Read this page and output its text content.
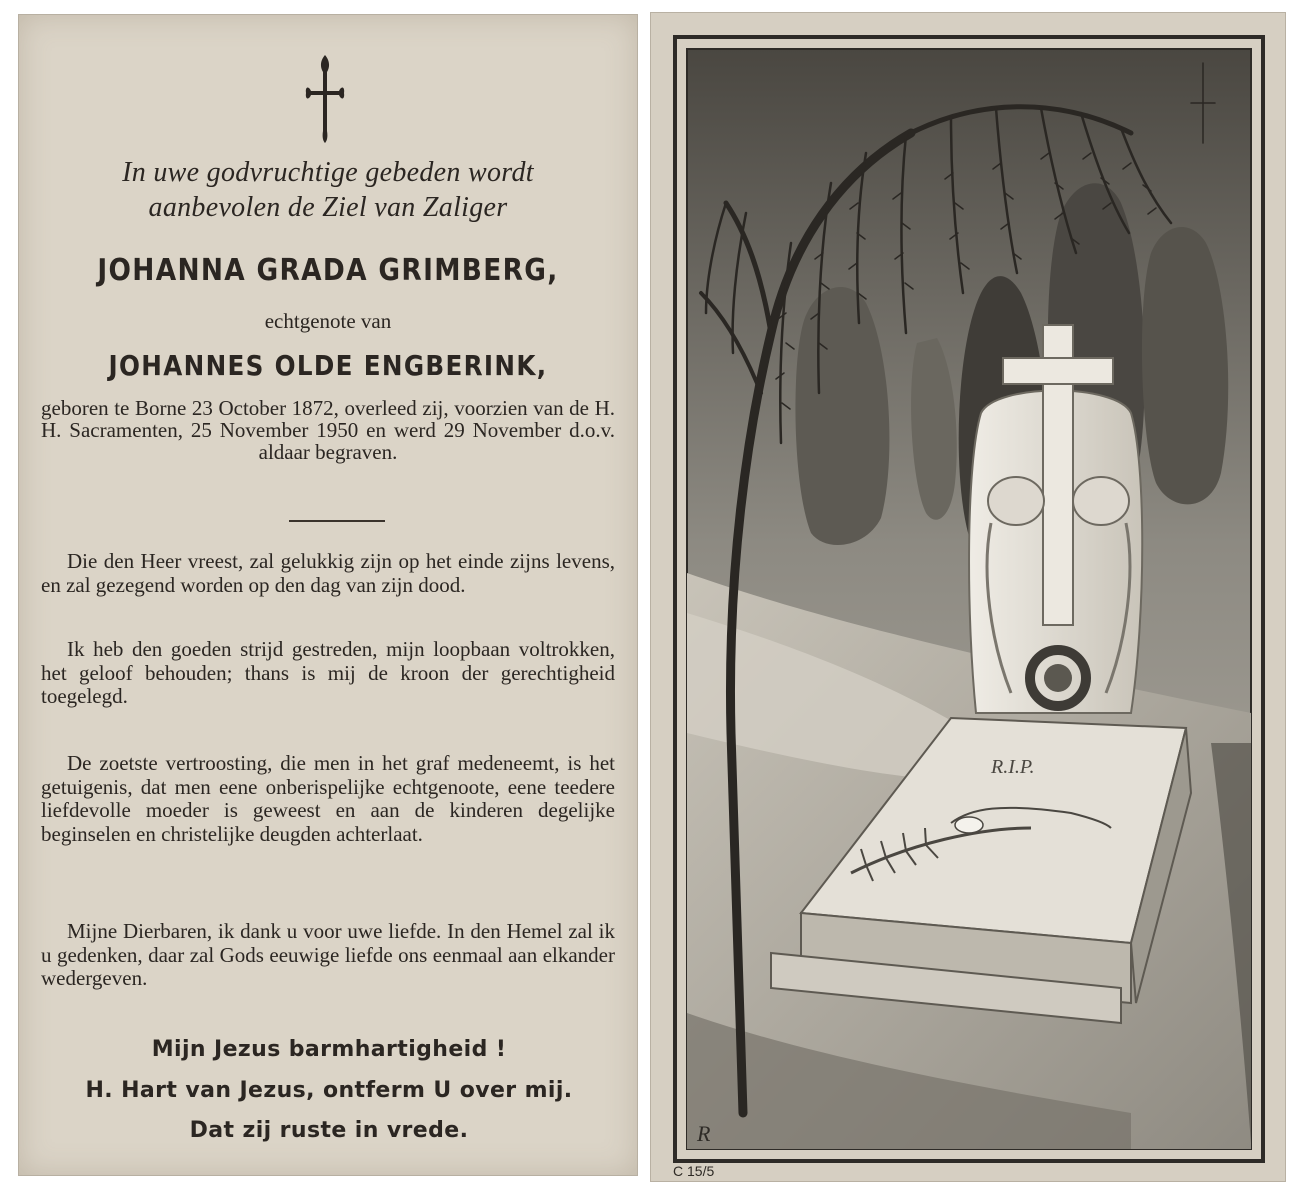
In uwe godvruchtige gebeden wordt
aanbevolen de Ziel van Zaliger
JOHANNA GRADA GRIMBERG,
echtgenote van
JOHANNES OLDE ENGBERINK,
geboren te Borne 23 October 1872, overleed zij, voorzien van de H. H. Sacramenten, 25 November 1950 en werd 29 November d.o.v. aldaar begraven.
Die den Heer vreest, zal gelukkig zijn op het einde zijns levens, en zal gezegend worden op den dag van zijn dood.
Ik heb den goeden strijd gestreden, mijn loopbaan voltrokken, het geloof behouden; thans is mij de kroon der gerechtigheid toegelegd.
De zoetste vertroosting, die men in het graf medeneemt, is het getuigenis, dat men eene onberispelijke echtgenoote, eene teedere liefdevolle moeder is geweest en aan de kinderen degelijke beginselen en christelijke deugden achterlaat.
Mijne Dierbaren, ik dank u voor uwe liefde. In den Hemel zal ik u gedenken, daar zal Gods eeuwige liefde ons eenmaal aan elkander wedergeven.
Mijn Jezus barmhartigheid !
H. Hart van Jezus, ontferm U over mij.
Dat zij ruste in vrede.
R.I.P.
R
C 15/5
